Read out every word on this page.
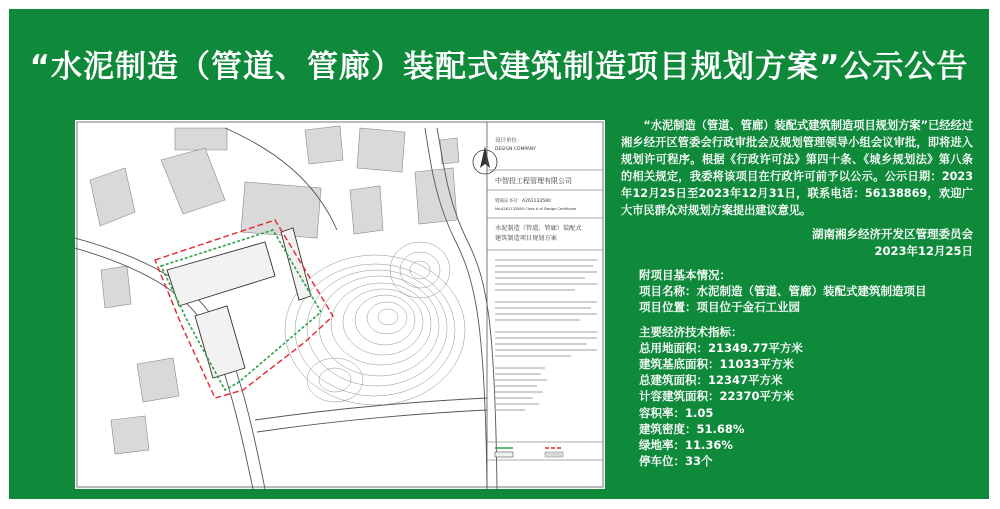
“水泥制造（管道、管廊）装配式建筑制造项目规划方案”公示公告
设计单位：
DESIGN COMPANY
中智投工程管理有限公司
资质证书号：A261133580
No.A261133580 Class A of Design Certificate
水泥制造（管道、管廊）装配式
建筑制造项目规划方案
“水泥制造（管道、管廊）装配式建筑制造项目规划方案”已经经过湘乡经开区管委会行政审批会及规划管理领导小组会议审批，即将进入规划许可程序。根据《行政许可法》第四十条、《城乡规划法》第八条的相关规定，我委将该项目在行政许可前予以公示。公示日期：2023年12月25日至2023年12月31日，联系电话：56138869，欢迎广大市民群众对规划方案提出建议意见。
湖南湘乡经济开发区管理委员会
2023年12月25日
附项目基本情况：
项目名称：水泥制造（管道、管廊）装配式建筑制造项目
项目位置：项目位于金石工业园
主要经济技术指标：
总用地面积：21349.77平方米
建筑基底面积：11033平方米
总建筑面积：12347平方米
计容建筑面积：22370平方米
容积率：1.05
建筑密度：51.68%
绿地率：11.36%
停车位：33个
